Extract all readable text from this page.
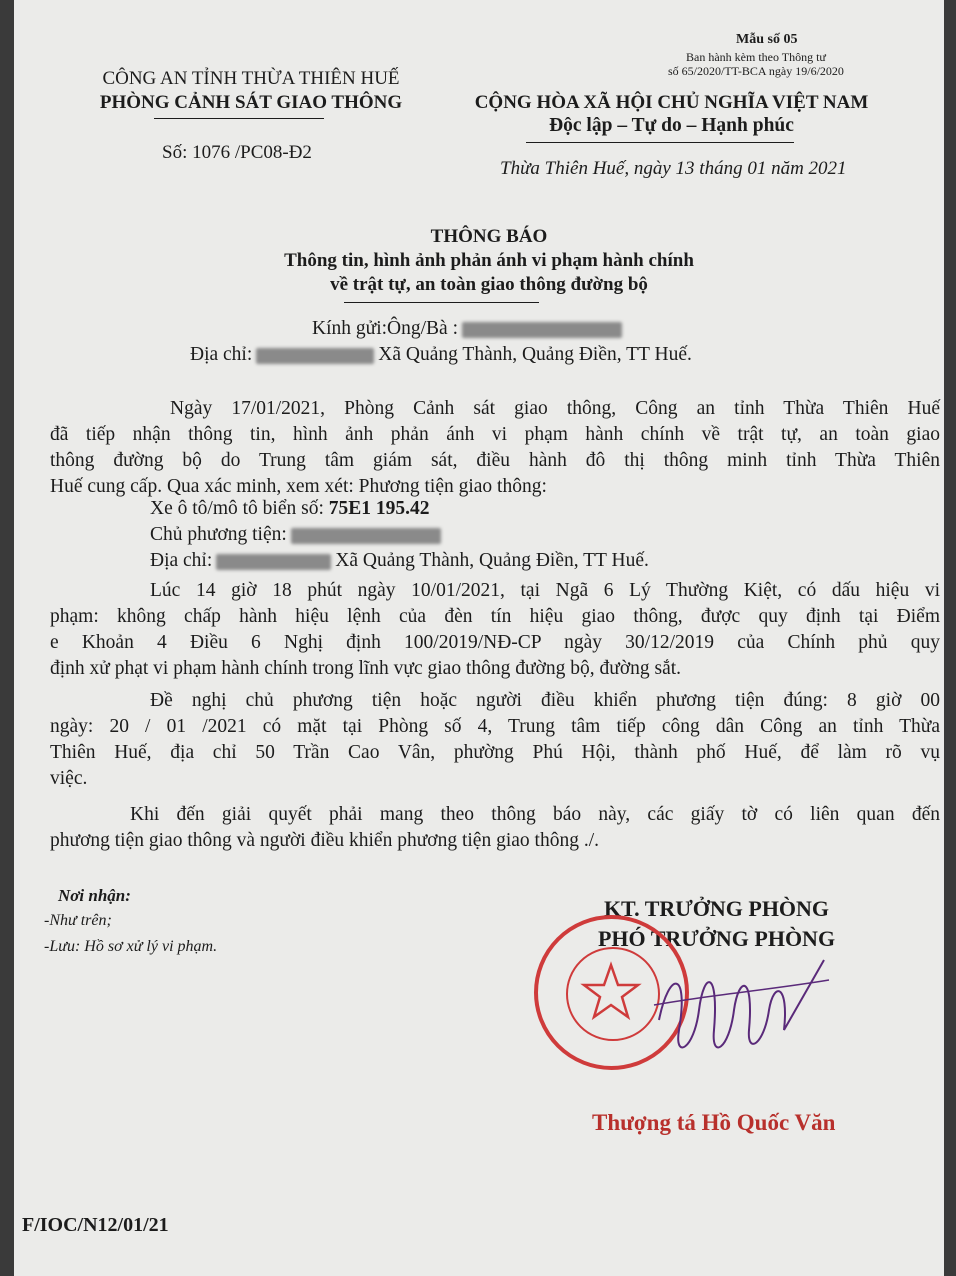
Mẫu số 05
Ban hành kèm theo Thông tư
số 65/2020/TT-BCA ngày 19/6/2020
CÔNG AN TỈNH THỪA THIÊN HUẾ
PHÒNG CẢNH SÁT GIAO THÔNG
Số: 1076 /PC08-Đ2
CỘNG HÒA XÃ HỘI CHỦ NGHĨA VIỆT NAM
Độc lập – Tự do – Hạnh phúc
Thừa Thiên Huế, ngày 13 tháng 01 năm 2021
THÔNG BÁO
Thông tin, hình ảnh phản ánh vi phạm hành chính
về trật tự, an toàn giao thông đường bộ
Kính gửi:Ông/Bà :
Địa chỉ:	Xã Quảng Thành, Quảng Điền, TT Huế.
Ngày 17/01/2021, Phòng Cảnh sát giao thông, Công an tỉnh Thừa Thiên Huế
đã tiếp nhận thông tin, hình ảnh phản ánh vi phạm hành chính về trật tự, an toàn giao
thông đường bộ do Trung tâm giám sát, điều hành đô thị thông minh tỉnh Thừa Thiên
Huế cung cấp. Qua xác minh, xem xét: Phương tiện giao thông:
Xe ô tô/mô tô biển số: 75E1 195.42
Chủ phương tiện:
Địa chỉ:	Xã Quảng Thành, Quảng Điền, TT Huế.
Lúc 14 giờ 18 phút ngày 10/01/2021, tại Ngã 6 Lý Thường Kiệt, có dấu hiệu vi
phạm: không chấp hành hiệu lệnh của đèn tín hiệu giao thông, được quy định tại Điểm
e Khoản 4 Điều 6 Nghị định 100/2019/NĐ-CP ngày 30/12/2019 của Chính phủ quy
định xử phạt vi phạm hành chính trong lĩnh vực giao thông đường bộ, đường sắt.
Đề nghị chủ phương tiện hoặc người điều khiển phương tiện đúng: 8 giờ 00
ngày: 20 / 01 /2021 có mặt tại Phòng số 4, Trung tâm tiếp công dân Công an tỉnh Thừa
Thiên Huế, địa chỉ 50 Trần Cao Vân, phường Phú Hội, thành phố Huế, để làm rõ vụ
việc.
Khi đến giải quyết phải mang theo thông báo này, các giấy tờ có liên quan đến
phương tiện giao thông và người điều khiển phương tiện giao thông ./.
Nơi nhận:
-Như trên;
-Lưu: Hồ sơ xử lý vi phạm.
KT. TRƯỞNG PHÒNG
PHÓ TRƯỞNG PHÒNG
Thượng tá Hồ Quốc Văn
F/IOC/N12/01/21
